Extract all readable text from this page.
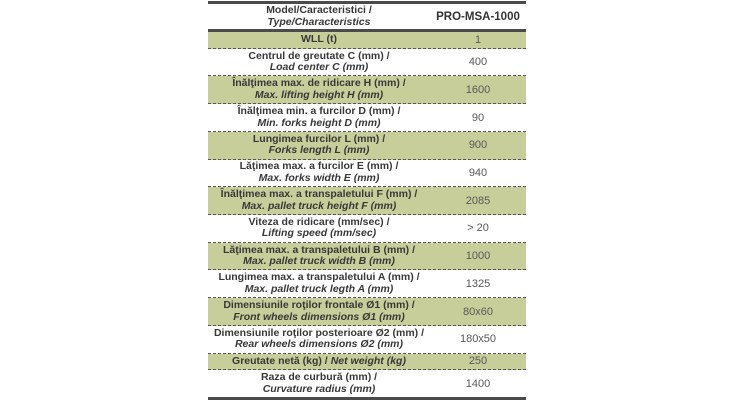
Model/Caracteristici /
Type/Characteristics	PRO-MSA-1000
WLL (t)	1
Centrul de greutate C (mm) /
Load center C (mm)	400
Înălţimea max. de ridicare H (mm) /
Max. lifting height H (mm)	1600
Înălţimea min. a furcilor D (mm) /
Min. forks height D (mm)	90
Lungimea furcilor L (mm) /
Forks length L (mm)	900
Lăţimea max. a furcilor E (mm) /
Max. forks width E (mm)	940
Înălţimea max. a transpaletului F (mm) /
Max. pallet truck height F (mm)	2085
Viteza de ridicare (mm/sec) /
Lifting speed (mm/sec)	> 20
Lăţimea max. a transpaletului B (mm) /
Max. pallet truck width B (mm)	1000
Lungimea max. a transpaletului A (mm) /
Max. pallet truck legth A (mm)	1325
Dimensiunile roţilor frontale Ø1 (mm) /
Front wheels dimensions Ø1 (mm)	80x60
Dimensiunile roţilor posterioare Ø2 (mm) /
Rear wheels dimensions Ø2 (mm)	180x50
Greutate netă (kg) / Net weight (kg)	250
Raza de curbură (mm) /
Curvature radius (mm)	1400
